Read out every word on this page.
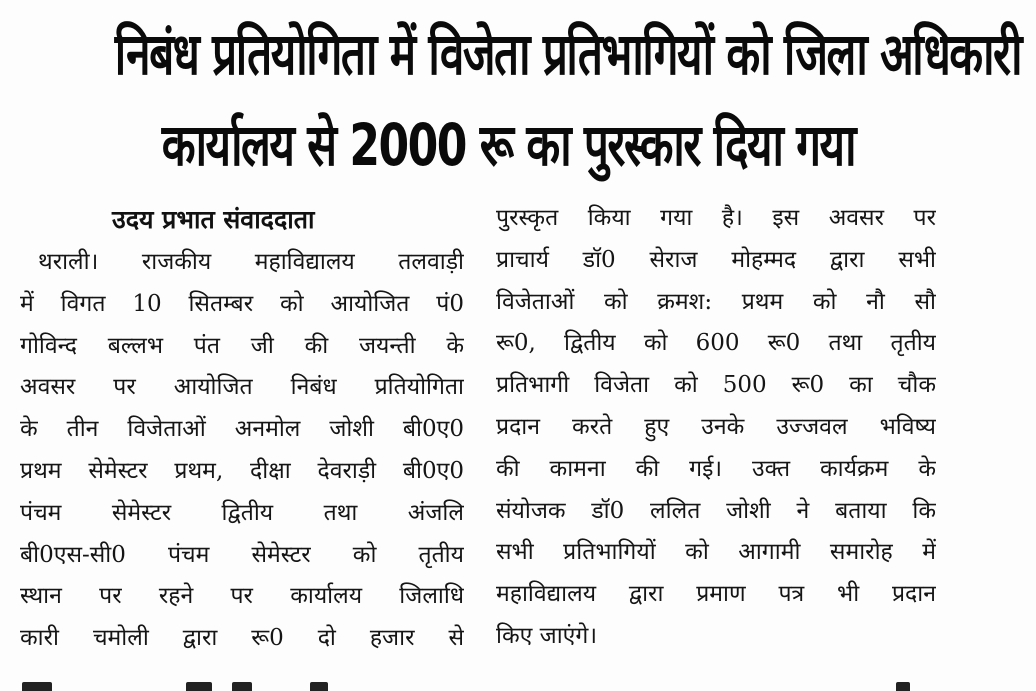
निबंध प्रतियोगिता में विजेता प्रतिभागियों को जिला अधिकारी
कार्यालय से 2000 रू का पुरस्कार दिया गया
उदय प्रभात संवाददाता
थराली। राजकीय महाविद्यालय तलवाड़ी
में विगत 10 सितम्बर को आयोजित पं0
गोविन्द बल्लभ पंत जी की जयन्ती के
अवसर पर आयोजित निबंध प्रतियोगिता
के तीन विजेताओं अनमोल जोशी बी0ए0
प्रथम सेमेस्टर प्रथम, दीक्षा देवराड़ी बी0ए0
पंचम सेमेस्टर द्वितीय तथा अंजलि
बी0एस-सी0 पंचम सेमेस्टर को तृतीय
स्थान पर रहने पर कार्यालय जिलाधि
कारी चमोली द्वारा रू0 दो हजार से
पुरस्कृत किया गया है। इस अवसर पर
प्राचार्य डॉ0 सेराज मोहम्मद द्वारा सभी
विजेताओं को क्रमश: प्रथम को नौ सौ
रू0, द्वितीय को 600 रू0 तथा तृतीय
प्रतिभागी विजेता को 500 रू0 का चौक
प्रदान करते हुए उनके उज्जवल भविष्य
की कामना की गई। उक्त कार्यक्रम के
संयोजक डॉ0 ललित जोशी ने बताया कि
सभी प्रतिभागियों को आगामी समारोह में
महाविद्यालय द्वारा प्रमाण पत्र भी प्रदान
किए जाएंगे।
